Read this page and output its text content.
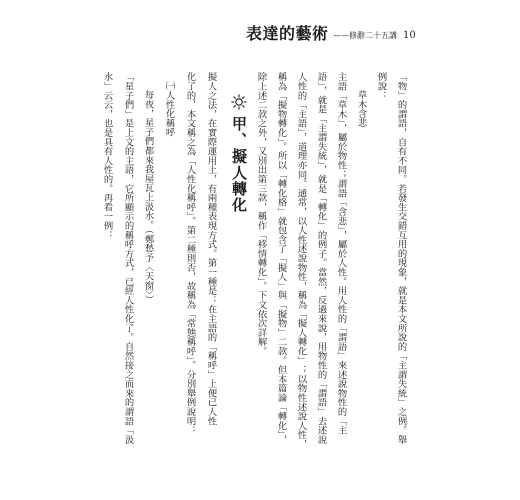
表達的藝術 ——修辭二十五講 10
「物」的謂語，自有不同。若發生交錯互用的現象，就是本文所說的「主謂失統」之例。舉
例說：
草木含悲
主語「草木」，屬於物性；謂語「含悲」，屬於人性。用人性的「謂語」來述說物性的「主
語」，就是「主謂失統」，就是「轉化」的例子。當然，反過來說，用物性的「謂語」去述說
人性的「主語」，道理亦同。通常，以人性述說物性，稱為「擬人轉化」；以物性述說人性，
稱為「擬物轉化」。所以「轉化格」就包含了「擬人」與「擬物」二款。但本篇論「轉化」，
除上述二款之外，又別出第三款，稱作「移情轉化」。下文依次詳解。
甲、擬人轉化
擬人之法，在實際運用上，有兩種表現方式。第一種是：在主語的「稱呼」上便已人性
化了的，本文稱之為「人性化稱呼」。第二種則否，故稱為「常態稱呼」。分別舉例說明：
㈠人性化稱呼
每夜，星子們都來我屋瓦上汲水。（鄭愁予〈天窗〉）
「星子們」是上文的主語，它所顯示的稱呼方式，已經人性化了。自然接之而來的謂語「汲
水」云云，也是具有人性的。再看一例：
